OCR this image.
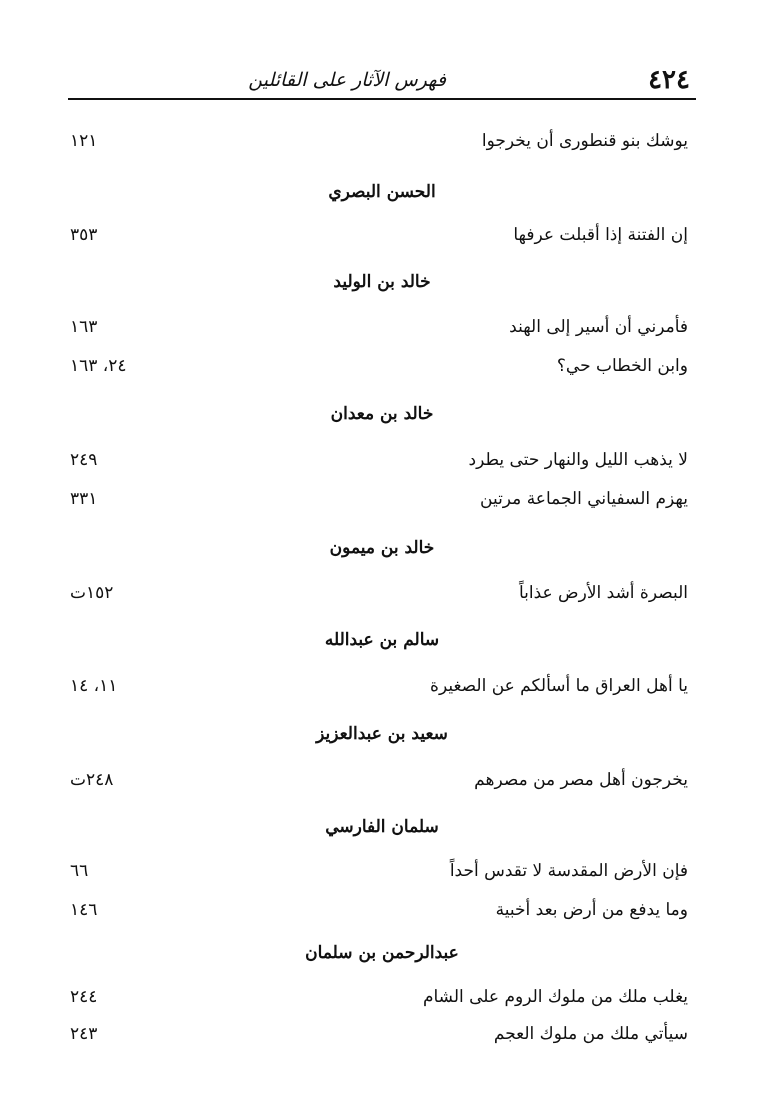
٤٢٤
فهرس الآثار على القائلين
يوشك بنو قنطورى أن يخرجوا
١٢١
الحسن البصري
إن الفتنة إذا أقبلت عرفها
٣٥٣
خالد بن الوليد
فأمرني أن أسير إلى الهند
١٦٣
وابن الخطاب حي؟
٢٤، ١٦٣
خالد بن معدان
لا يذهب الليل والنهار حتى يطرد
٢٤٩
يهزم السفياني الجماعة مرتين
٣٣١
خالد بن ميمون
البصرة أشد الأرض عذاباً
١٥٢ت
سالم بن عبدالله
يا أهل العراق ما أسألكم عن الصغيرة
١١، ١٤
سعيد بن عبدالعزيز
يخرجون أهل مصر من مصرهم
٢٤٨ت
سلمان الفارسي
فإن الأرض المقدسة لا تقدس أحداً
٦٦
وما يدفع من أرض بعد أخبية
١٤٦
عبدالرحمن بن سلمان
يغلب ملك من ملوك الروم على الشام
٢٤٤
سيأتي ملك من ملوك العجم
٢٤٣
